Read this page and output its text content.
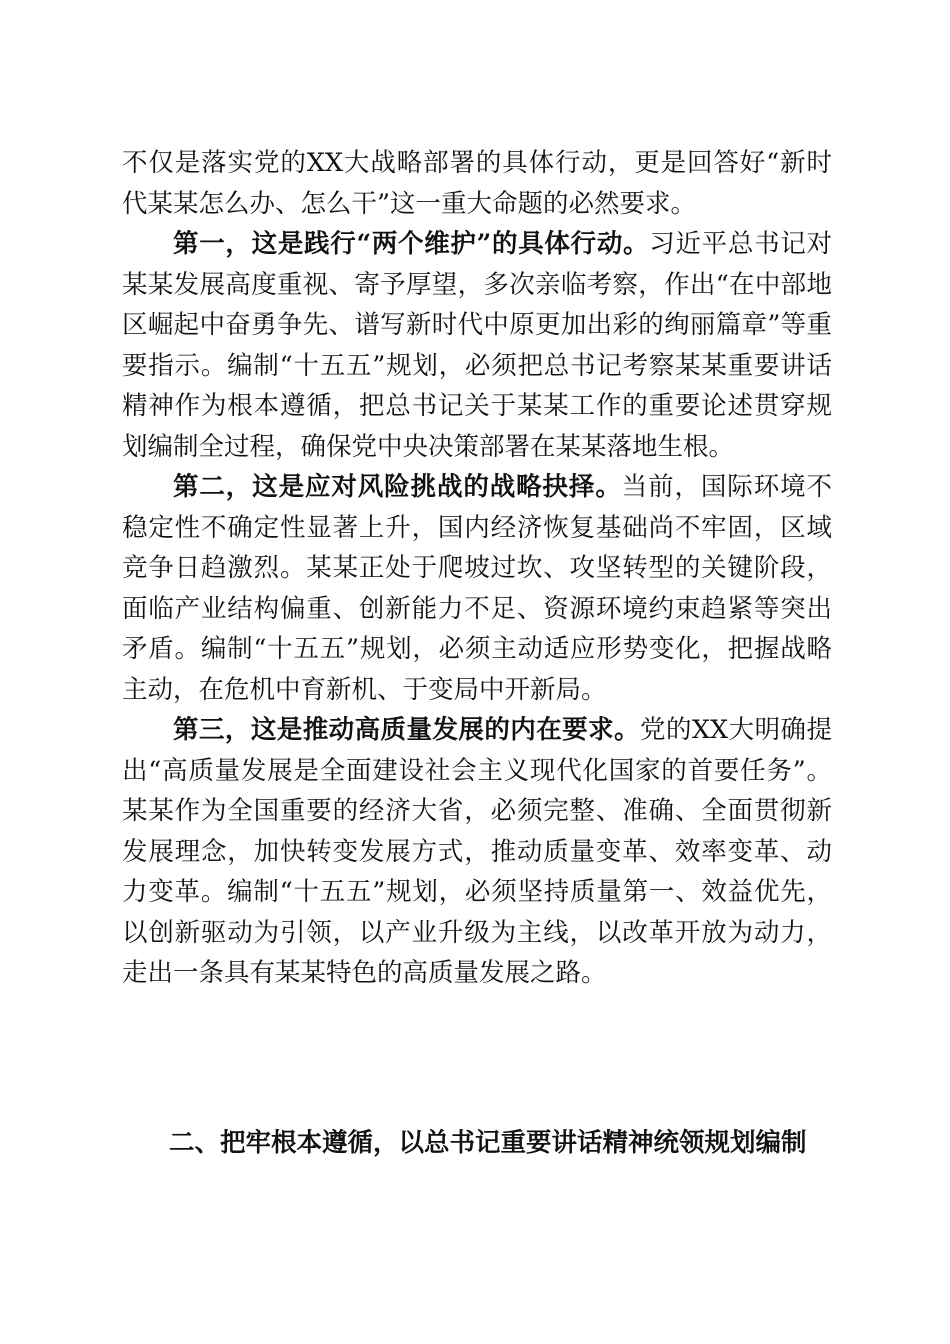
不仅是落实党的XX大战略部署的具体行动，更是回答好“新时代某某怎么办、怎么干”这一重大命题的必然要求。

第一，这是践行“两个维护”的具体行动。习近平总书记对某某发展高度重视、寄予厚望，多次亲临考察，作出“在中部地区崛起中奋勇争先、谱写新时代中原更加出彩的绚丽篇章”等重要指示。编制“十五五”规划，必须把总书记考察某某重要讲话精神作为根本遵循，把总书记关于某某工作的重要论述贯穿规划编制全过程，确保党中央决策部署在某某落地生根。

第二，这是应对风险挑战的战略抉择。当前，国际环境不稳定性不确定性显著上升，国内经济恢复基础尚不牢固，区域竞争日趋激烈。某某正处于爬坡过坎、攻坚转型的关键阶段，面临产业结构偏重、创新能力不足、资源环境约束趋紧等突出矛盾。编制“十五五”规划，必须主动适应形势变化，把握战略主动，在危机中育新机、于变局中开新局。

第三，这是推动高质量发展的内在要求。党的XX大明确提出“高质量发展是全面建设社会主义现代化国家的首要任务”。某某作为全国重要的经济大省，必须完整、准确、全面贯彻新发展理念，加快转变发展方式，推动质量变革、效率变革、动力变革。编制“十五五”规划，必须坚持质量第一、效益优先，以创新驱动为引领，以产业升级为主线，以改革开放为动力，走出一条具有某某特色的高质量发展之路。

二、把牢根本遵循，以总书记重要讲话精神统领规划编制
